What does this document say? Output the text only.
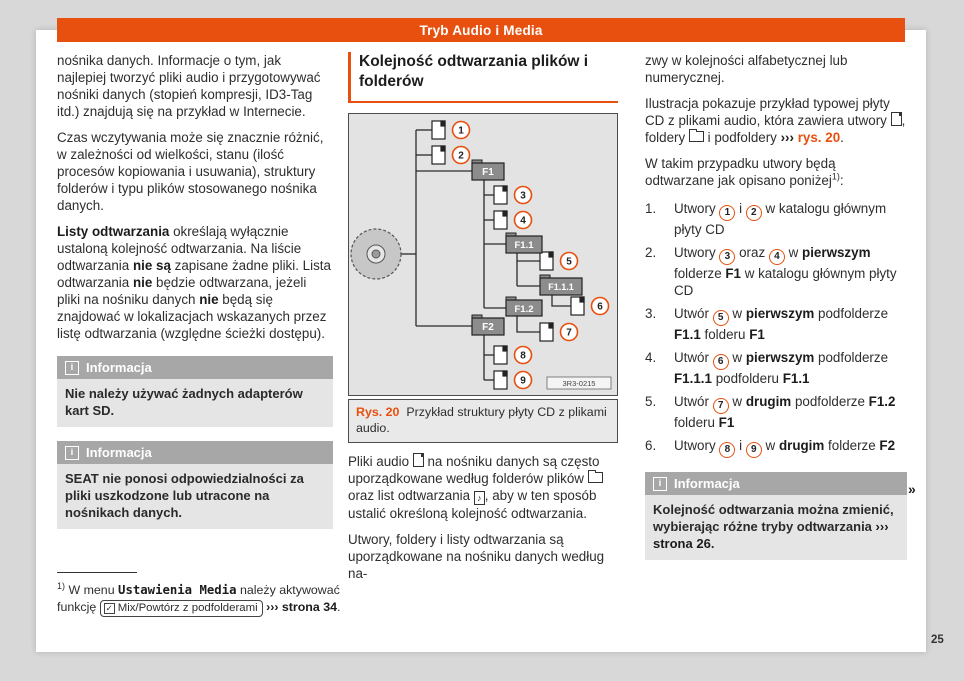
Tryb Audio i Media

nośnika danych. Informacje o tym, jak najlepiej tworzyć pliki audio i przygotowywać nośniki danych (stopień kompresji, ID3-Tag itd.) znajdują się na przykład w Internecie.

Czas wczytywania może się znacznie różnić, w zależności od wielkości, stanu (ilość procesów kopiowania i usuwania), struktury folderów i typu plików stosowanego nośnika danych.

Listy odtwarzania określają wyłącznie ustaloną kolejność odtwarzania. Na liście odtwarzania nie są zapisane żadne pliki. Lista odtwarzania nie będzie odtwarzana, jeżeli pliki na nośniku danych nie będą się znajdować w lokalizacjach wskazanych przez listę odtwarzania (względne ścieżki dostępu).

i Informacja
Nie należy używać żadnych adapterów kart SD.
i Informacja
SEAT nie ponosi odpowiedzialności za pliki uszkodzone lub utracone na nośnikach danych.
Kolejność odtwarzania plików i folderów
F1
F1.1
F1.1.1
F1.2
F2
1
2
3
4
5
6
7
8
9	3R3-0215
Rys. 20 Przykład struktury płyty CD z plikami audio.

Pliki audio  na nośniku danych są często uporządkowane według folderów plików  oraz list odtwarzania ♪, aby w ten sposób ustalić określoną kolejność odtwarzania.

Utwory, foldery i listy odtwarzania są uporządkowane na nośniku danych według na-

zwy w kolejności alfabetycznej lub numerycznej.

Ilustracja pokazuje przykład typowej płyty CD z plikami audio, która zawiera utwory , foldery  i podfoldery ››› rys. 20.

W takim przypadku utwory będą odtwarzane jak opisano poniżej$^{1)}$:

1.	Utwory 1 i 2 w katalogu głównym płyty CD
2.	Utwory 3 oraz 4 w pierwszym folderze F1 w katalogu głównym płyty CD
3.	Utwór 5 w pierwszym podfolderze F1.1 folderu F1
4.	Utwór 6 w pierwszym podfolderze F1.1.1 podfolderu F1.1
5.	Utwór 7 w drugim podfolderze F1.2 folderu F1
6.	Utwory 8 i 9 w drugim folderze F2
i Informacja
Kolejność odtwarzania można zmienić, wybierając różne tryby odtwarzania ››› strona 26.
$^{1)}$ W menu Ustawienia Media należy aktywować funkcję ✓ Mix/Powtórz z podfolderami ››› strona 34.
»
25
